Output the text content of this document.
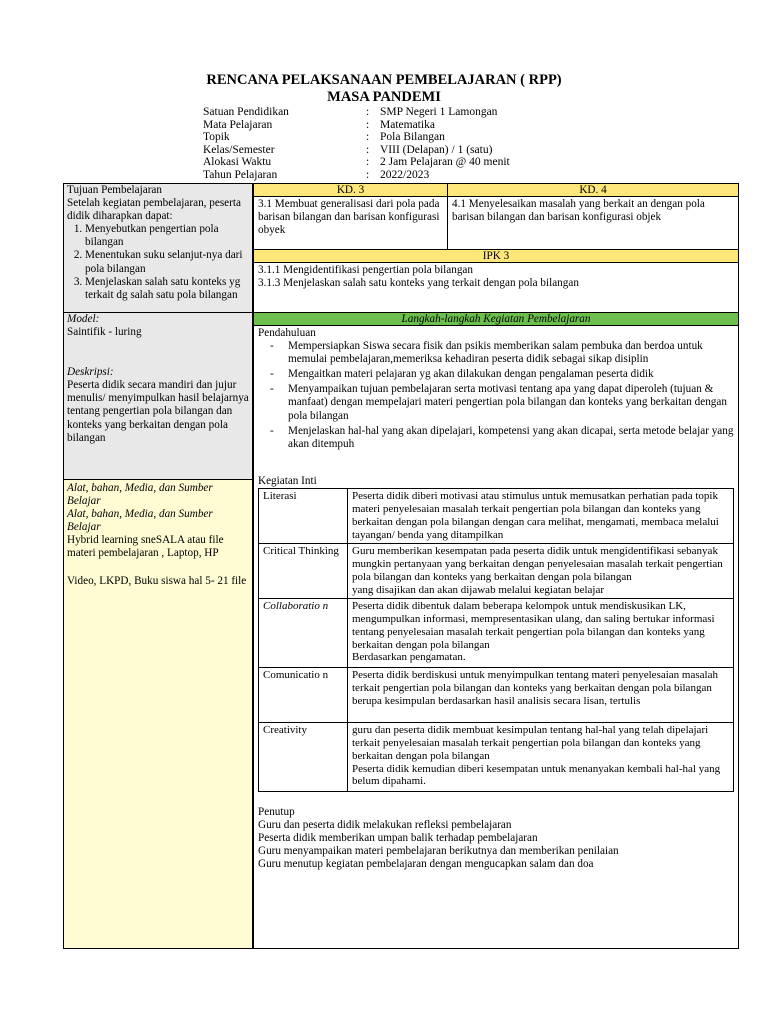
RENCANA PELAKSANAAN PEMBELAJARAN ( RPP)
MASA PANDEMI
Satuan Pendidikan	: SMP Negeri 1 Lamongan
Mata Pelajaran	: Matematika
Topik	: Pola Bilangan
Kelas/Semester	: VIII (Delapan) / 1 (satu)
Alokasi Waktu	: 2 Jam Pelajaran @ 40 menit
Tahun Pelajaran	: 2022/2023
Tujuan Pembelajaran
Setelah kegiatan pembelajaran, peserta didik diharapkan dapat:
1. Menyebutkan pengertian pola bilangan
2. Menentukan suku selanjut-nya dari pola bilangan
3. Menjelaskan salah satu konteks yg terkait dg salah satu pola bilangan
KD. 3	KD. 4
3.1 Membuat generalisasi dari pola pada barisan bilangan dan barisan konfigurasi obyek
4.1 Menyelesaikan masalah yang berkait an dengan pola barisan bilangan dan barisan konfigurasi objek
IPK 3
3.1.1 Mengidentifikasi pengertian pola bilangan
3.1.3 Menjelaskan salah satu konteks yang terkait dengan pola bilangan
Model:
Saintifik - luring
Deskripsi:
Peserta didik secara mandiri dan jujur menulis/ menyimpulkan hasil belajarnya tentang pengertian pola bilangan dan konteks yang berkaitan dengan pola bilangan
Alat, bahan, Media, dan Sumber Belajar
Alat, bahan, Media, dan Sumber Belajar
Hybrid learning sneSALA atau file materi pembelajaran , Laptop, HP
Video, LKPD, Buku siswa hal 5- 21 file
Langkah-langkah Kegiatan Pembelajaran
Pendahuluan
- Mempersiapkan Siswa secara fisik dan psikis memberikan salam pembuka dan berdoa untuk memulai pembelajaran,memeriksa kehadiran peserta didik sebagai sikap disiplin
- Mengaitkan materi pelajaran yg akan dilakukan dengan pengalaman peserta didik
- Menyampaikan tujuan pembelajaran serta motivasi tentang apa yang dapat diperoleh (tujuan & manfaat) dengan mempelajari materi pengertian pola bilangan dan konteks yang berkaitan dengan pola bilangan
- Menjelaskan hal-hal yang akan dipelajari, kompetensi yang akan dicapai, serta metode belajar yang akan ditempuh
Kegiatan Inti
Literasi	Peserta didik diberi motivasi atau stimulus untuk memusatkan perhatian pada topik materi penyelesaian masalah terkait pengertian pola bilangan dan konteks yang berkaitan dengan pola bilangan dengan cara melihat, mengamati, membaca melalui tayangan/ benda yang ditampilkan
Critical Thinking	Guru memberikan kesempatan pada peserta didik untuk mengidentifikasi sebanyak mungkin pertanyaan yang berkaitan dengan penyelesaian masalah terkait pengertian pola bilangan dan konteks yang berkaitan dengan pola bilangan
yang disajikan dan akan dijawab melalui kegiatan belajar
Collaboratio n	Peserta didik dibentuk dalam beberapa kelompok untuk mendiskusikan LK, mengumpulkan informasi, mempresentasikan ulang, dan saling bertukar informasi tentang penyelesaian masalah terkait pengertian pola bilangan dan konteks yang berkaitan dengan pola bilangan
Berdasarkan pengamatan.
Comunicatio n	Peserta didik berdiskusi untuk menyimpulkan tentang materi penyelesaian masalah terkait pengertian pola bilangan dan konteks yang berkaitan dengan pola bilangan
berupa kesimpulan berdasarkan hasil analisis secara lisan, tertulis
Creativity	guru dan peserta didik membuat kesimpulan tentang hal-hal yang telah dipelajari terkait penyelesaian masalah terkait pengertian pola bilangan dan konteks yang berkaitan dengan pola bilangan
Peserta didik kemudian diberi kesempatan untuk menanyakan kembali hal-hal yang belum dipahami.
Penutup
Guru dan peserta didik melakukan refleksi pembelajaran
Peserta didik memberikan umpan balik terhadap pembelajaran
Guru menyampaikan materi pembelajaran berikutnya dan memberikan penilaian
Guru menutup kegiatan pembelajaran dengan mengucapkan salam dan doa
